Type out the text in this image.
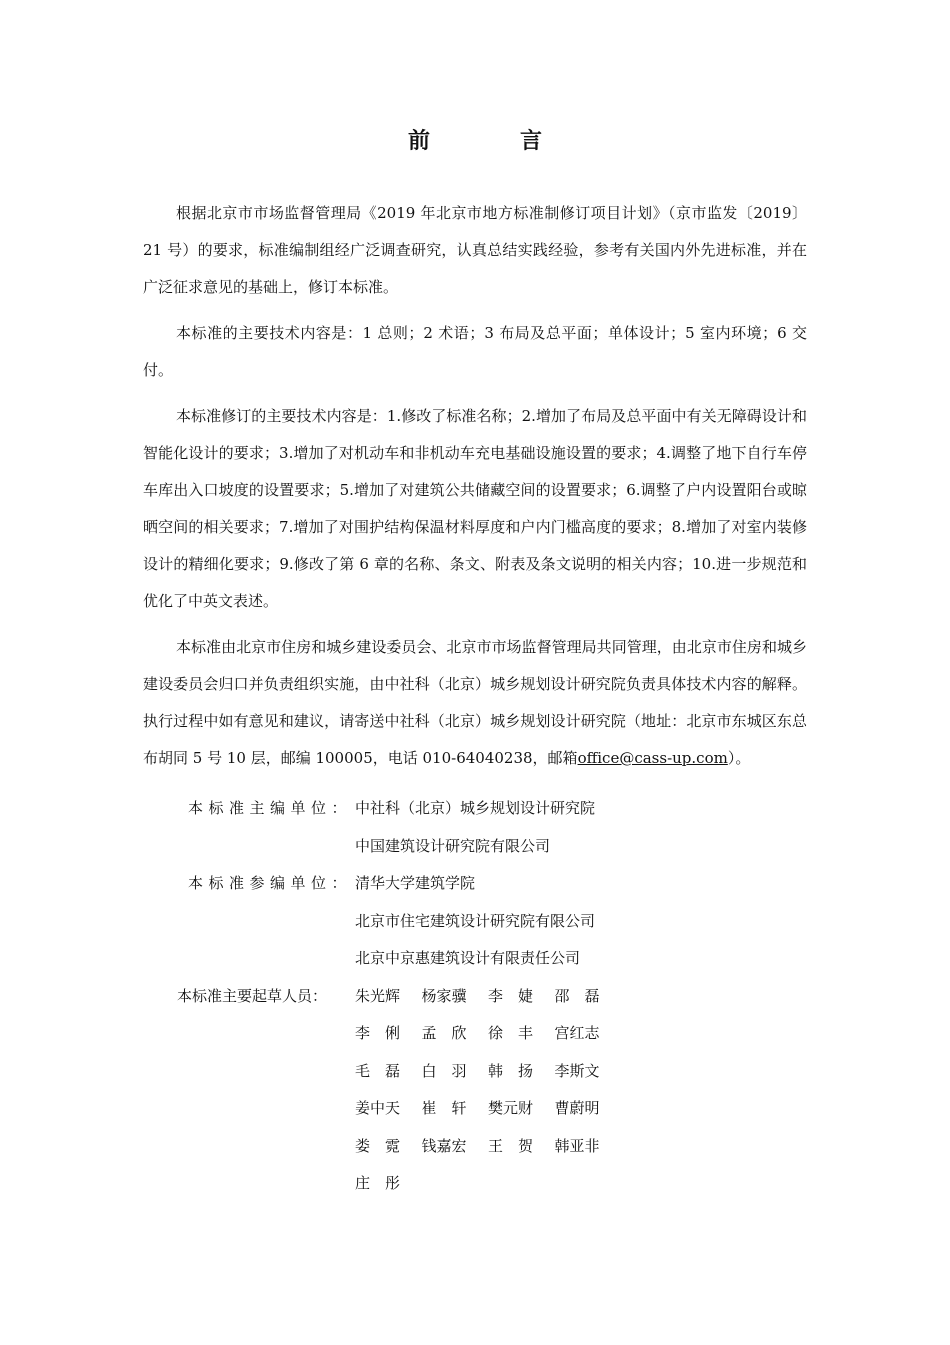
前　言

根据北京市市场监督管理局《2019 年北京市地方标准制修订项目计划》（京市监发〔2019〕21 号）的要求，标准编制组经广泛调查研究，认真总结实践经验，参考有关国内外先进标准，并在广泛征求意见的基础上，修订本标准。

本标准的主要技术内容是：1 总则；2 术语；3 布局及总平面；单体设计；5 室内环境；6 交付。

本标准修订的主要技术内容是：1.修改了标准名称；2.增加了布局及总平面中有关无障碍设计和智能化设计的要求；3.增加了对机动车和非机动车充电基础设施设置的要求；4.调整了地下自行车停车库出入口坡度的设置要求；5.增加了对建筑公共储藏空间的设置要求；6.调整了户内设置阳台或晾晒空间的相关要求；7.增加了对围护结构保温材料厚度和户内门槛高度的要求；8.增加了对室内装修设计的精细化要求；9.修改了第 6 章的名称、条文、附表及条文说明的相关内容；10.进一步规范和优化了中英文表述。

本标准由北京市住房和城乡建设委员会、北京市市场监督管理局共同管理，由北京市住房和城乡建设委员会归口并负责组织实施，由中社科（北京）城乡规划设计研究院负责具体技术内容的解释。执行过程中如有意见和建议，请寄送中社科（北京）城乡规划设计研究院（地址：北京市东城区东总布胡同 5 号 10 层，邮编 100005，电话 010-64040238，邮箱office@cass-up.com）。

本标准主编单位： 中社科（北京）城乡规划设计研究院
中国建筑设计研究院有限公司
本标准参编单位： 清华大学建筑学院
北京市住宅建筑设计研究院有限公司
北京中京惠建筑设计有限责任公司
本标准主要起草人员：	朱光辉	杨家骥	李　婕	邵　磊
李　俐	孟　欣	徐　丰	宫红志
毛　磊	白　羽	韩　扬	李斯文
姜中天	崔　轩	樊元财	曹蔚明
娄　霓	钱嘉宏	王　贺	韩亚非
庄　彤
